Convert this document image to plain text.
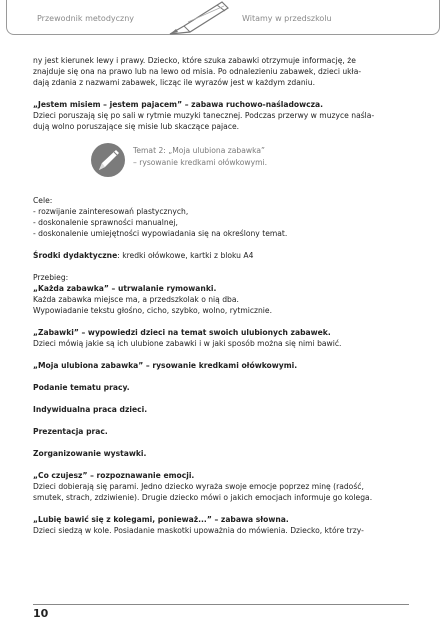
Przewodnik metodyczny	Witamy w przedszkolu

ny jest kierunek lewy i prawy. Dziecko, które szuka zabawki otrzymuje informację, że
znajduje się ona na prawo lub na lewo od misia. Po odnalezieniu zabawek, dzieci ukła-
dają zdania z nazwami zabawek, licząc ile wyrazów jest w każdym zdaniu.

„Jestem misiem – jestem pajacem” – zabawa ruchowo-naśladowcza.
Dzieci poruszają się po sali w rytmie muzyki tanecznej. Podczas przerwy w muzyce naśla-
dują wolno poruszające się misie lub skaczące pajace.

Temat 2: „Moja ulubiona zabawka”
– rysowanie kredkami ołówkowymi.

Cele:
- rozwijanie zainteresowań plastycznych,
- doskonalenie sprawności manualnej,
- doskonalenie umiejętności wypowiadania się na określony temat.

Środki dydaktyczne: kredki ołówkowe, kartki z bloku A4

Przebieg:
„Każda zabawka” – utrwalanie rymowanki.
Każda zabawka miejsce ma, a przedszkolak o nią dba.
Wypowiadanie tekstu głośno, cicho, szybko, wolno, rytmicznie.

„Zabawki” – wypowiedzi dzieci na temat swoich ulubionych zabawek.
Dzieci mówią jakie są ich ulubione zabawki i w jaki sposób można się nimi bawić.

„Moja ulubiona zabawka” – rysowanie kredkami ołówkowymi.

Podanie tematu pracy.

Indywidualna praca dzieci.

Prezentacja prac.

Zorganizowanie wystawki.

„Co czujesz” – rozpoznawanie emocji.
Dzieci dobierają się parami. Jedno dziecko wyraża swoje emocje poprzez minę (radość,
smutek, strach, zdziwienie). Drugie dziecko mówi o jakich emocjach informuje go kolega.

„Lubię bawić się z kolegami, ponieważ...” – zabawa słowna.
Dzieci siedzą w kole. Posiadanie maskotki upoważnia do mówienia. Dziecko, które trzy-

10
